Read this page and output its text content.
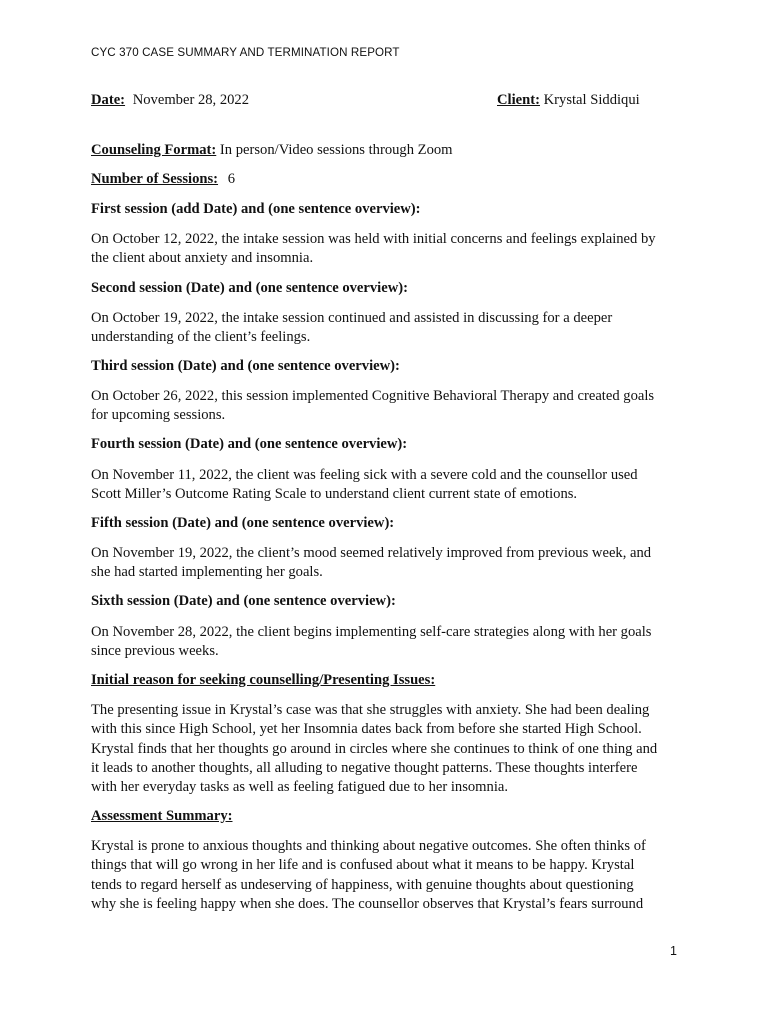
CYC 370 CASE SUMMARY AND TERMINATION REPORT
Date: November 28, 2022	Client: Krystal Siddiqui
Counseling Format: In person/Video sessions through Zoom
Number of Sessions: 6
First session (add Date) and (one sentence overview):
On October 12, 2022, the intake session was held with initial concerns and feelings explained by
the client about anxiety and insomnia.
Second session (Date) and (one sentence overview):
On October 19, 2022, the intake session continued and assisted in discussing for a deeper
understanding of the client’s feelings.
Third session (Date) and (one sentence overview):
On October 26, 2022, this session implemented Cognitive Behavioral Therapy and created goals
for upcoming sessions.
Fourth session (Date) and (one sentence overview):
On November 11, 2022, the client was feeling sick with a severe cold and the counsellor used
Scott Miller’s Outcome Rating Scale to understand client current state of emotions.
Fifth session (Date) and (one sentence overview):
On November 19, 2022, the client’s mood seemed relatively improved from previous week, and
she had started implementing her goals.
Sixth session (Date) and (one sentence overview):
On November 28, 2022, the client begins implementing self-care strategies along with her goals
since previous weeks.
Initial reason for seeking counselling/Presenting Issues:
The presenting issue in Krystal’s case was that she struggles with anxiety. She had been dealing
with this since High School, yet her Insomnia dates back from before she started High School.
Krystal finds that her thoughts go around in circles where she continues to think of one thing and
it leads to another thoughts, all alluding to negative thought patterns. These thoughts interfere
with her everyday tasks as well as feeling fatigued due to her insomnia.
Assessment Summary:
Krystal is prone to anxious thoughts and thinking about negative outcomes. She often thinks of
things that will go wrong in her life and is confused about what it means to be happy. Krystal
tends to regard herself as undeserving of happiness, with genuine thoughts about questioning
why she is feeling happy when she does. The counsellor observes that Krystal’s fears surround
1
